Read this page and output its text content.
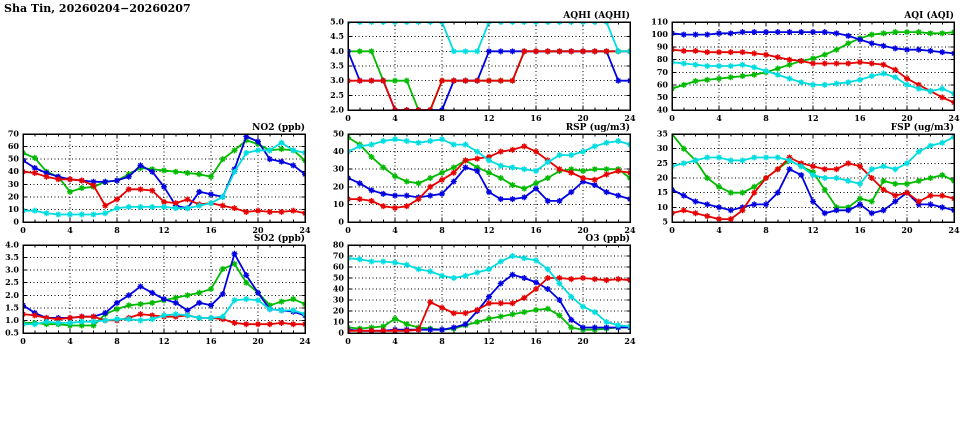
Sha Tin, 20260204−20260207
2.0
2.5
3.0
3.5
4.0
4.5
5.0
0	4	8	12	16	20	24
AQHI (AQHI)
40
50
60
70
80
90
100
110
0	4	8	12	16	20	24
AQI (AQI)
0
10
20
30
40
50
60
70
0	4	8	12	16	20	24
NO2 (ppb)
0
10
20
30
40
50
0	4	8	12	16	20	24
RSP (ug/m3)
5
10
15
20
25
30
35
0	4	8	12	16	20	24
FSP (ug/m3)
0.5
1.0
1.5
2.0
2.5
3.0
3.5
4.0
0	4	8	12	16	20	24
SO2 (ppb)
0
10
20
30
40
50
60
70
80
0	4	8	12	16	20	24
O3 (ppb)
